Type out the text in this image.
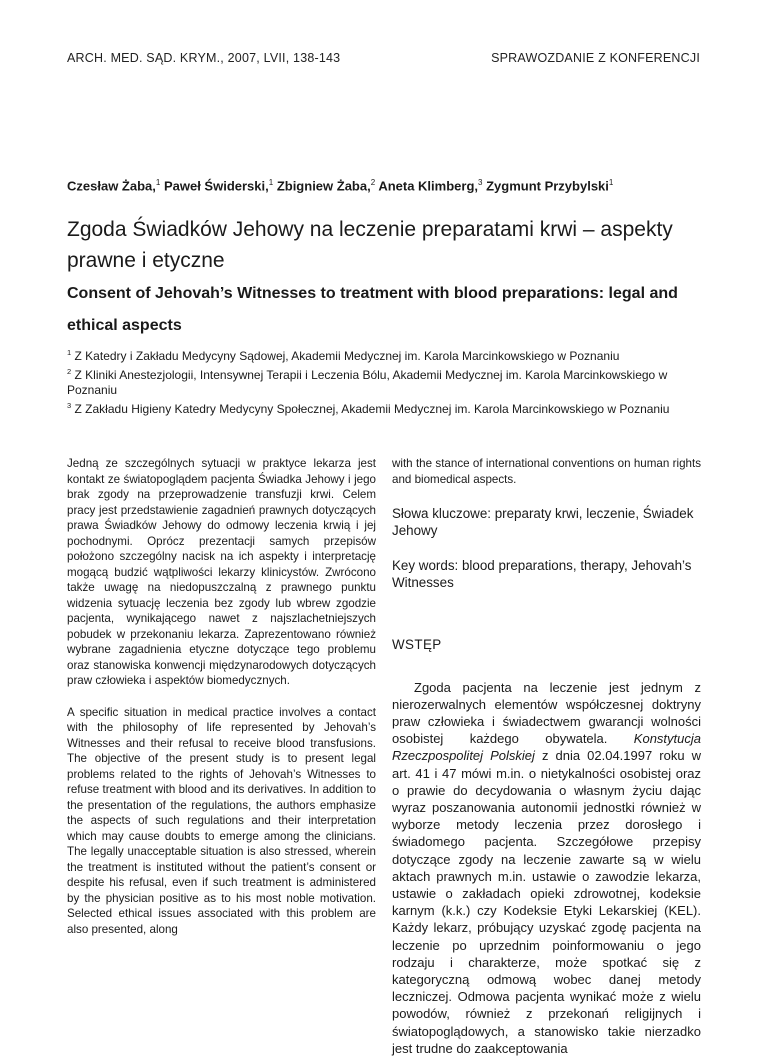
ARCH. MED. SĄD. KRYM., 2007, LVII, 138-143	SPRAWOZDANIE Z KONFERENCJI
Czesław Żaba,$^1$ Paweł Świderski,$^1$ Zbigniew Żaba,$^2$ Aneta Klimberg,$^3$ Zygmunt Przybylski$^1$
Zgoda Świadków Jehowy na leczenie preparatami krwi – aspekty prawne i etyczne
Consent of Jehovah’s Witnesses to treatment with blood preparations: legal and ethical aspects
$^1$ Z Katedry i Zakładu Medycyny Sądowej, Akademii Medycznej im. Karola Marcinkowskiego w Poznaniu
$^2$ Z Kliniki Anestezjologii, Intensywnej Terapii i Leczenia Bólu, Akademii Medycznej im. Karola Marcinkowskiego w Poznaniu
$^3$ Z Zakładu Higieny Katedry Medycyny Społecznej, Akademii Medycznej im. Karola Marcinkowskiego w Poznaniu

Jedną ze szczególnych sytuacji w praktyce lekarza jest kontakt ze światopoglądem pacjenta Świadka Jehowy i jego brak zgody na przeprowadzenie transfuzji krwi. Celem pracy jest przedstawienie zagadnień prawnych dotyczących prawa Świadków Jehowy do odmowy leczenia krwią i jej pochodnymi. Oprócz prezentacji samych przepisów położono szczególny nacisk na ich aspekty i interpretację mogącą budzić wątpliwości lekarzy klinicystów. Zwrócono także uwagę na niedopuszczalną z prawnego punktu widzenia sytuację leczenia bez zgody lub wbrew zgodzie pacjenta, wynikającego nawet z najszlachetniejszych pobudek w przekonaniu lekarza. Zaprezentowano również wybrane zagadnienia etyczne dotyczące tego problemu oraz stanowiska konwencji międzynarodowych dotyczących praw człowieka i aspektów biomedycznych.

A specific situation in medical practice involves a contact with the philosophy of life represented by Jehovah’s Witnesses and their refusal to receive blood transfusions. The objective of the present study is to present legal problems related to the rights of Jehovah’s Witnesses to refuse treatment with blood and its derivatives. In addition to the presentation of the regulations, the authors emphasize the aspects of such regulations and their interpretation which may cause doubts to emerge among the clinicians. The legally unacceptable situation is also stressed, wherein the treatment is instituted without the patient’s consent or despite his refusal, even if such treatment is administered by the physician positive as to his most noble motivation. Selected ethical issues associated with this problem are also presented, along

with the stance of international conventions on human rights and biomedical aspects.

Słowa kluczowe: preparaty krwi, leczenie, Świadek Jehowy

Key words: blood preparations, therapy, Jehovah’s Witnesses

WSTĘP

Zgoda pacjenta na leczenie jest jednym z nierozerwalnych elementów współczesnej doktryny praw człowieka i świadectwem gwarancji wolności osobistej każdego obywatela. Konstytucja Rzeczpospolitej Polskiej z dnia 02.04.1997 roku w art. 41 i 47 mówi m.in. o nietykalności osobistej oraz o prawie do decydowania o własnym życiu dając wyraz poszanowania autonomii jednostki również w wyborze metody leczenia przez dorosłego i świadomego pacjenta. Szczegółowe przepisy dotyczące zgody na leczenie zawarte są w wielu aktach prawnych m.in. ustawie o zawodzie lekarza, ustawie o zakładach opieki zdrowotnej, kodeksie karnym (k.k.) czy Kodeksie Etyki Lekarskiej (KEL). Każdy lekarz, próbujący uzyskać zgodę pacjenta na leczenie po uprzednim poinformowaniu o jego rodzaju i charakterze, może spotkać się z kategoryczną odmową wobec danej metody leczniczej. Odmowa pacjenta wynikać może z wielu powodów, również z przekonań religijnych i światopoglądowych, a stanowisko takie nierzadko jest trudne do zaakceptowania
